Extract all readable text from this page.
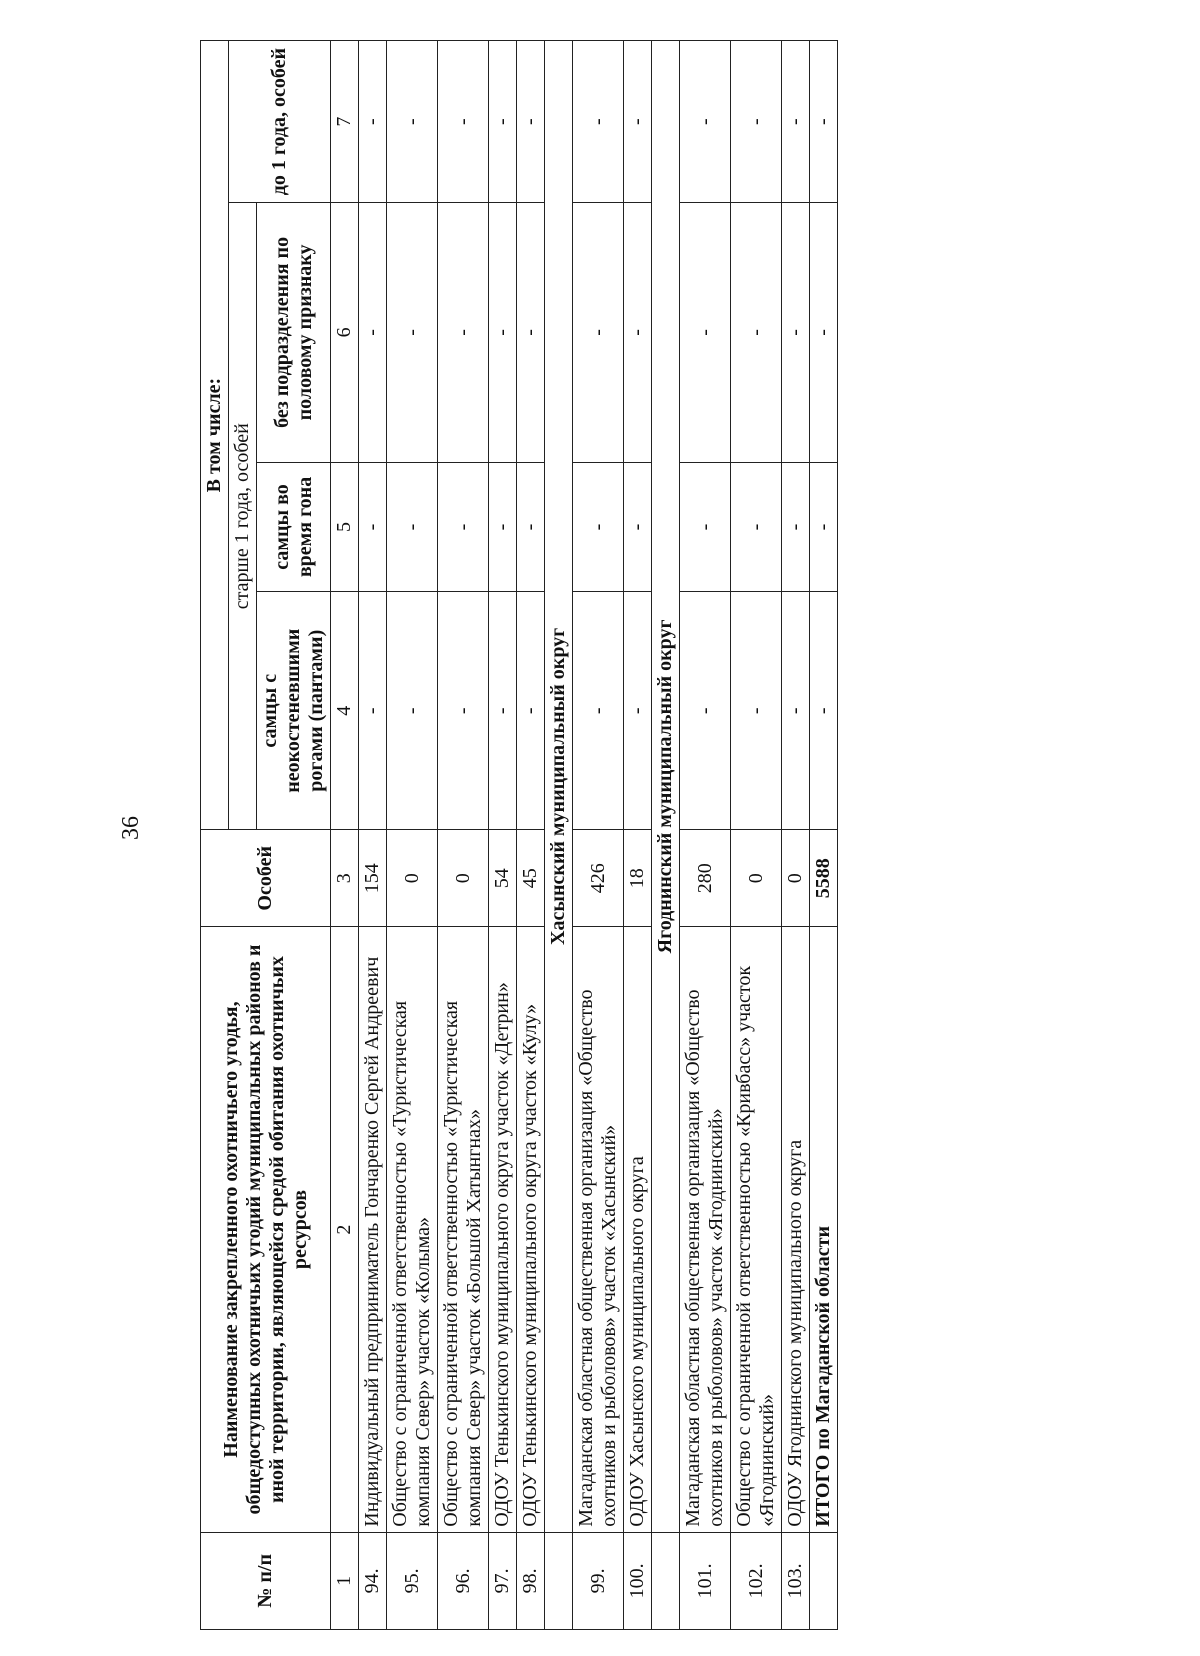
36
№ п/п	Наименование закрепленного охотничьего угодья, общедоступных охотничьих угодий муниципальных районов и иной территории, являющейся средой обитания охотничьих ресурсов	Особей	В том числе:			
			старше 1 года, особей			до 1 года, особей
			самцы с неокостеневшими рогами (пантами)	самцы во время гона	без подразделения по половому признаку	
1	2	3	4	5	6	7
94.	Индивидуальный предприниматель Гончаренко Сергей Андреевич	154	-	-	-	-
95.	Общество с ограниченной ответственностью «Туристическая компания Север» участок «Колыма»	0	-	-	-	-
96.	Общество с ограниченной ответственностью «Туристическая компания Север» участок «Большой Хатынгнах»	0	-	-	-	-
97.	ОДОУ Тенькинского муниципального округа участок «Детрин»	54	-	-	-	-
98.	ОДОУ Тенькинского муниципального округа участок «Кулу»	45	-	-	-	-
	Хасынский муниципальный округ					
99.	Магаданская областная общественная организация «Общество охотников и рыболовов» участок «Хасынский»	426	-	-	-	-
100.	ОДОУ Хасынского муниципального округа	18	-	-	-	-
	Ягоднинский муниципальный округ					
101.	Магаданская областная общественная организация «Общество охотников и рыболовов» участок «Ягоднинский»	280	-	-	-	-
102.	Общество с ограниченной ответственностью «Кривбасс» участок «Ягоднинский»	0	-	-	-	-
103.	ОДОУ Ягоднинского муниципального округа	0	-	-	-	-
	ИТОГО по Магаданской области	5588	-	-	-	-
